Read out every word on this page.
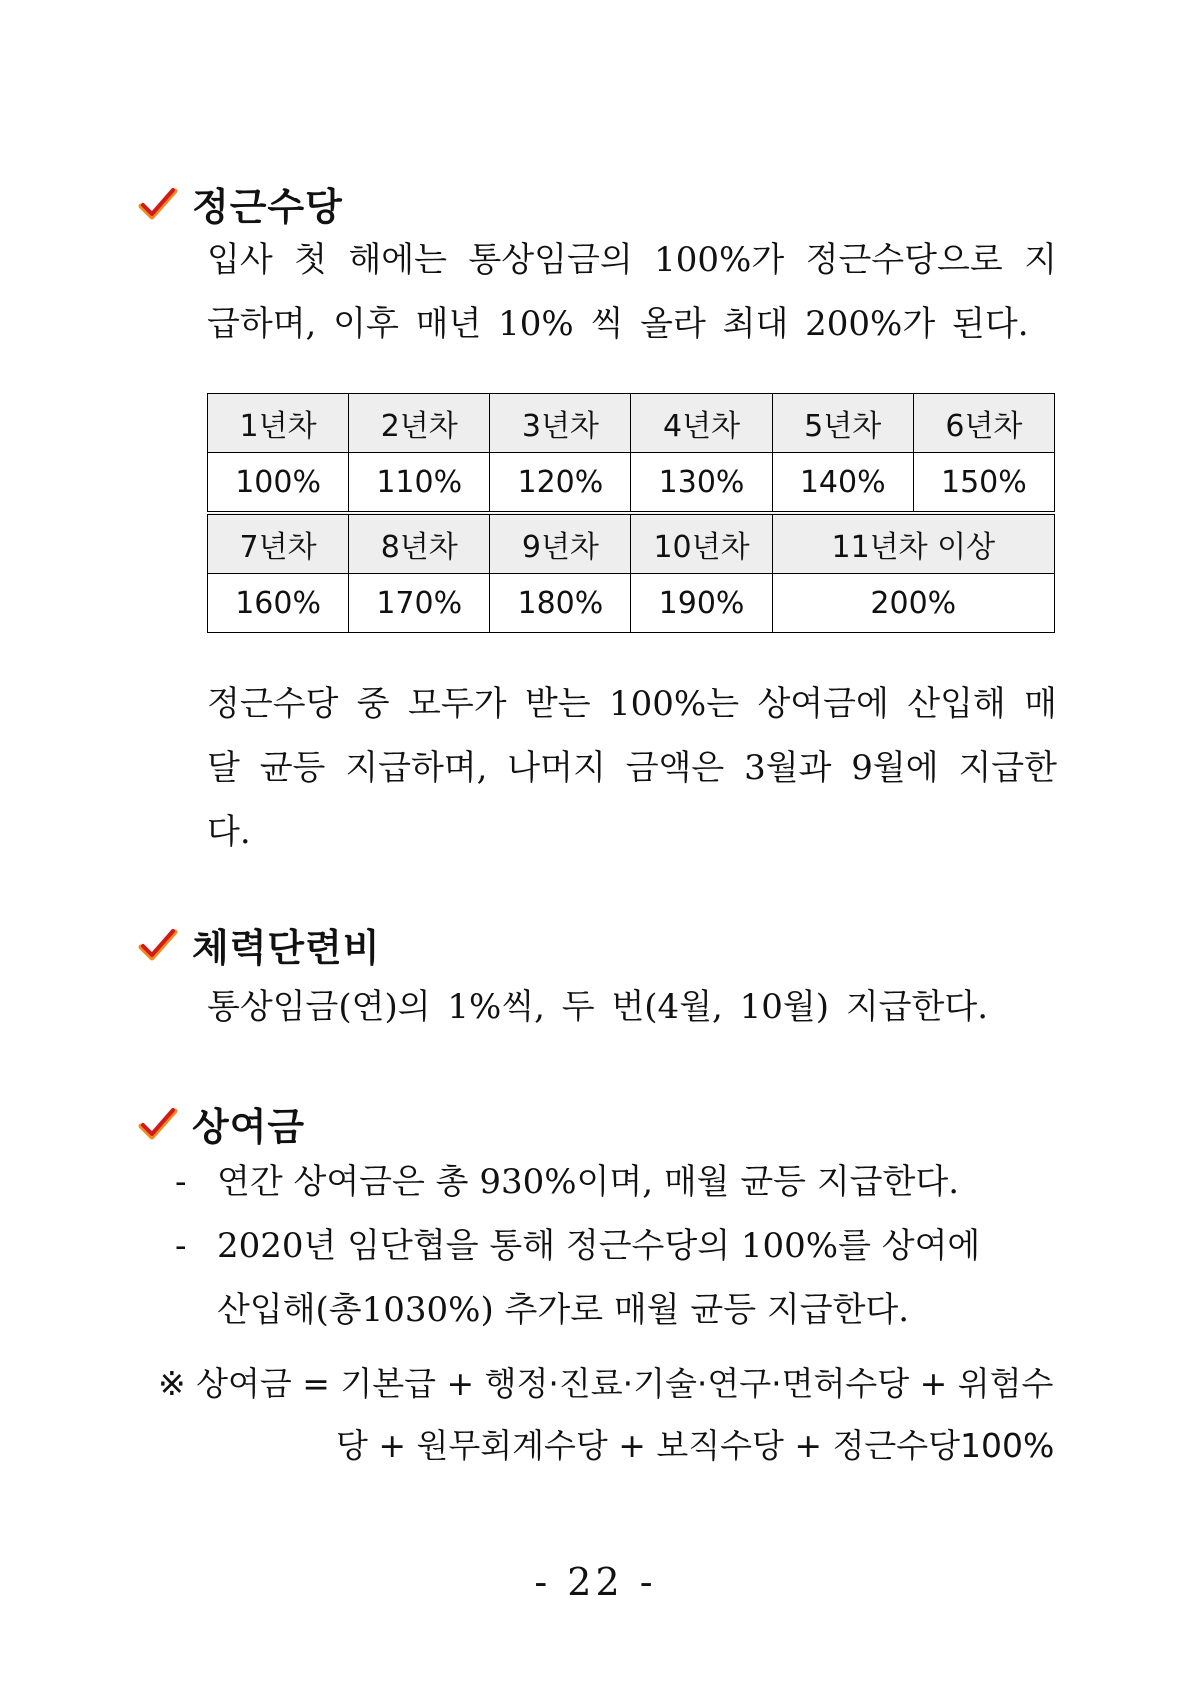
정근수당
입사 첫 해에는 통상임금의 100%가 정근수당으로 지급하며, 이후 매년 10% 씩 올라 최대 200%가 된다.
1년차	2년차	3년차	4년차	5년차	6년차
100%	110%	120%	130%	140%	150%
7년차	8년차	9년차	10년차	11년차 이상	
160%	170%	180%	190%	200%	
정근수당 중 모두가 받는 100%는 상여금에 산입해 매달 균등 지급하며, 나머지 금액은 3월과 9월에 지급한다.
체력단련비
통상임금(연)의 1%씩, 두 번(4월, 10월) 지급한다.
상여금
- 연간 상여금은 총 930%이며, 매월 균등 지급한다.
- 2020년 임단협을 통해 정근수당의 100%를 상여에
산입해(총1030%) 추가로 매월 균등 지급한다.
※ 상여금 = 기본급 + 행정·진료·기술·연구·면허수당 + 위험수
당 + 원무회계수당 + 보직수당 + 정근수당100%
- 22 -
